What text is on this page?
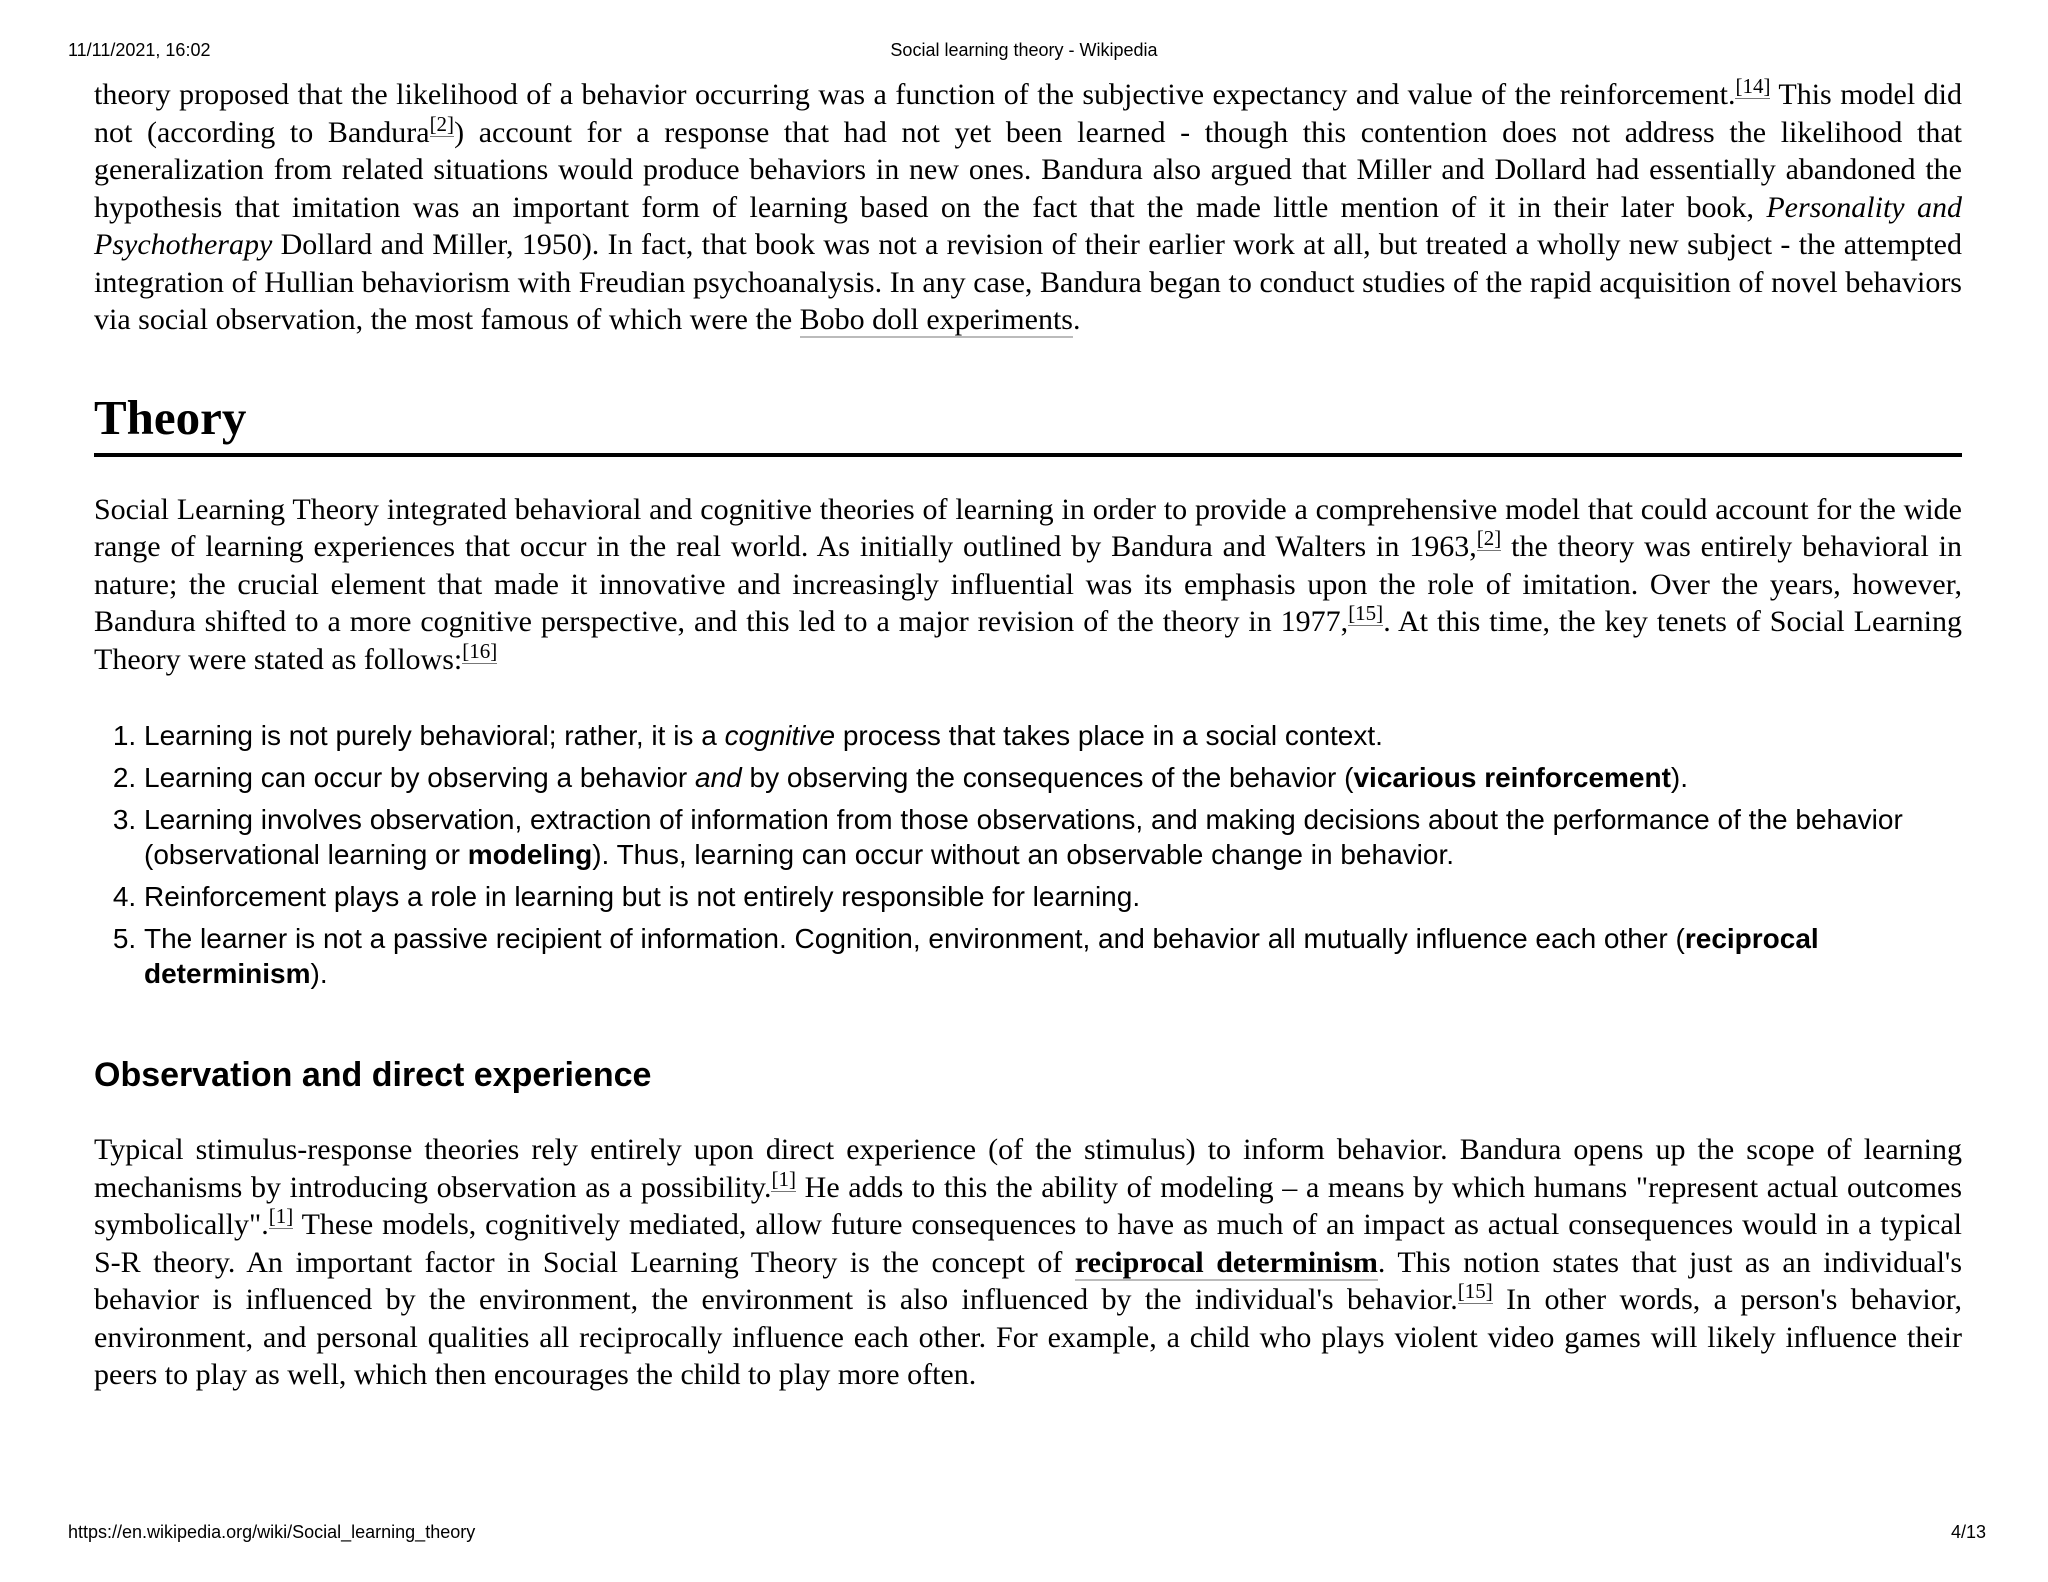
11/11/2021, 16:02	Social learning theory - Wikipedia

theory proposed that the likelihood of a behavior occurring was a function of the subjective expectancy and value of the reinforcement.[14] This model did not (according to Bandura[2]) account for a response that had not yet been learned - though this contention does not address the likelihood that generalization from related situations would produce behaviors in new ones. Bandura also argued that Miller and Dollard had essentially abandoned the hypothesis that imitation was an important form of learning based on the fact that the made little mention of it in their later book, Personality and Psychotherapy Dollard and Miller, 1950). In fact, that book was not a revision of their earlier work at all, but treated a wholly new subject - the attempted integration of Hullian behaviorism with Freudian psychoanalysis. In any case, Bandura began to conduct studies of the rapid acquisition of novel behaviors via social observation, the most famous of which were the Bobo doll experiments.

Theory

Social Learning Theory integrated behavioral and cognitive theories of learning in order to provide a comprehensive model that could account for the wide range of learning experiences that occur in the real world. As initially outlined by Bandura and Walters in 1963,[2] the theory was entirely behavioral in nature; the crucial element that made it innovative and increasingly influential was its emphasis upon the role of imitation. Over the years, however, Bandura shifted to a more cognitive perspective, and this led to a major revision of the theory in 1977,[15]. At this time, the key tenets of Social Learning Theory were stated as follows:[16]

1. Learning is not purely behavioral; rather, it is a cognitive process that takes place in a social context.
2. Learning can occur by observing a behavior and by observing the consequences of the behavior (vicarious reinforcement).
3. Learning involves observation, extraction of information from those observations, and making decisions about the performance of the behavior (observational learning or modeling). Thus, learning can occur without an observable change in behavior.
4. Reinforcement plays a role in learning but is not entirely responsible for learning.
5. The learner is not a passive recipient of information. Cognition, environment, and behavior all mutually influence each other (reciprocal determinism).
Observation and direct experience

Typical stimulus-response theories rely entirely upon direct experience (of the stimulus) to inform behavior. Bandura opens up the scope of learning mechanisms by introducing observation as a possibility.[1] He adds to this the ability of modeling – a means by which humans "represent actual outcomes symbolically".[1] These models, cognitively mediated, allow future consequences to have as much of an impact as actual consequences would in a typical S-R theory. An important factor in Social Learning Theory is the concept of reciprocal determinism. This notion states that just as an individual's behavior is influenced by the environment, the environment is also influenced by the individual's behavior.[15] In other words, a person's behavior, environment, and personal qualities all reciprocally influence each other. For example, a child who plays violent video games will likely influence their peers to play as well, which then encourages the child to play more often.

https://en.wikipedia.org/wiki/Social_learning_theory	4/13
